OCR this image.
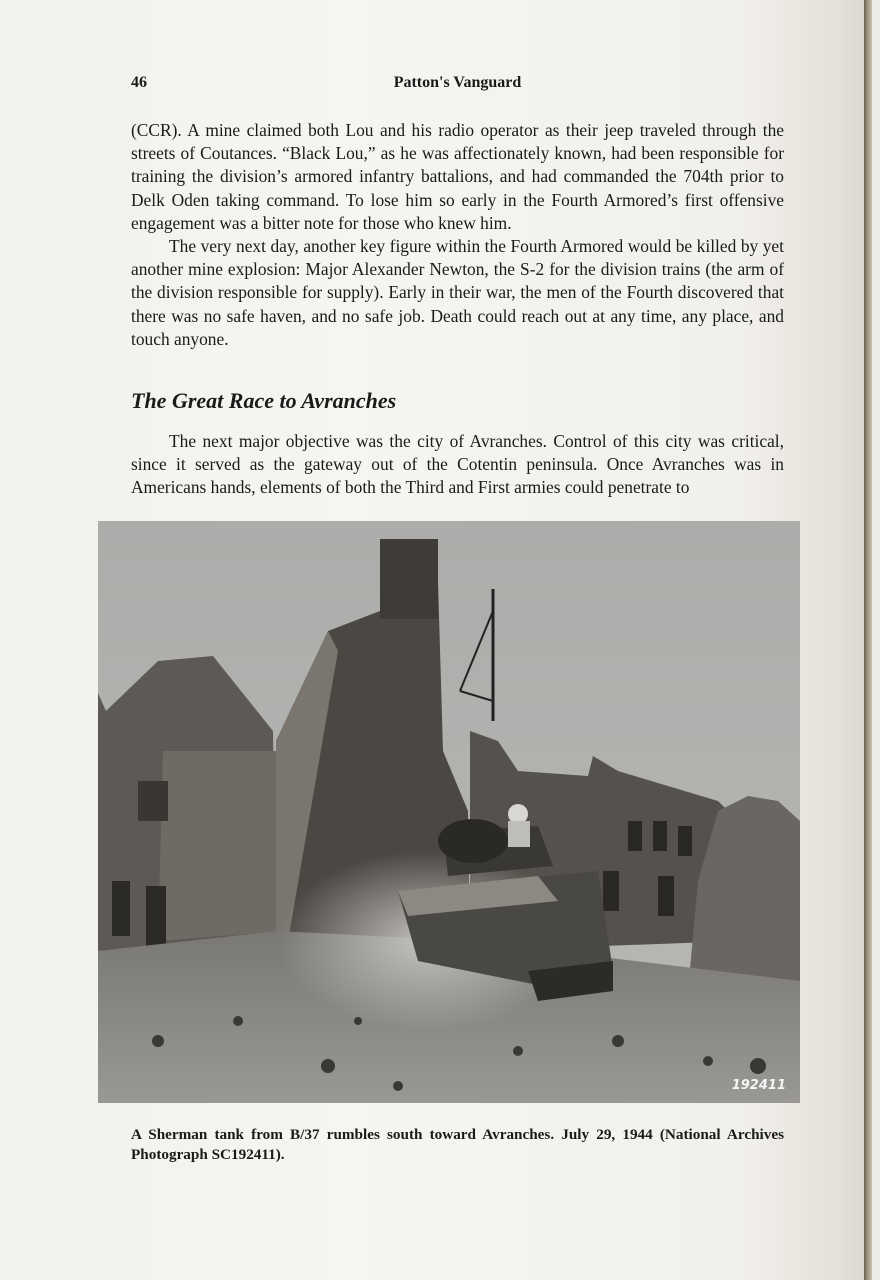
46	Patton's Vanguard

(CCR). A mine claimed both Lou and his radio operator as their jeep traveled through the streets of Coutances. “Black Lou,” as he was affectionately known, had been responsible for training the division’s armored infantry battalions, and had commanded the 704th prior to Delk Oden taking command. To lose him so early in the Fourth Armored’s first offensive engagement was a bitter note for those who knew him.

The very next day, another key figure within the Fourth Armored would be killed by yet another mine explosion: Major Alexander Newton, the S-2 for the division trains (the arm of the division responsible for supply). Early in their war, the men of the Fourth discovered that there was no safe haven, and no safe job. Death could reach out at any time, any place, and touch anyone.

The Great Race to Avranches

The next major objective was the city of Avranches. Control of this city was critical, since it served as the gateway out of the Cotentin peninsula. Once Avranches was in Americans hands, elements of both the Third and First armies could penetrate to

192411
A Sherman tank from B/37 rumbles south toward Avranches. July 29, 1944 (National Archives Photograph SC192411).
